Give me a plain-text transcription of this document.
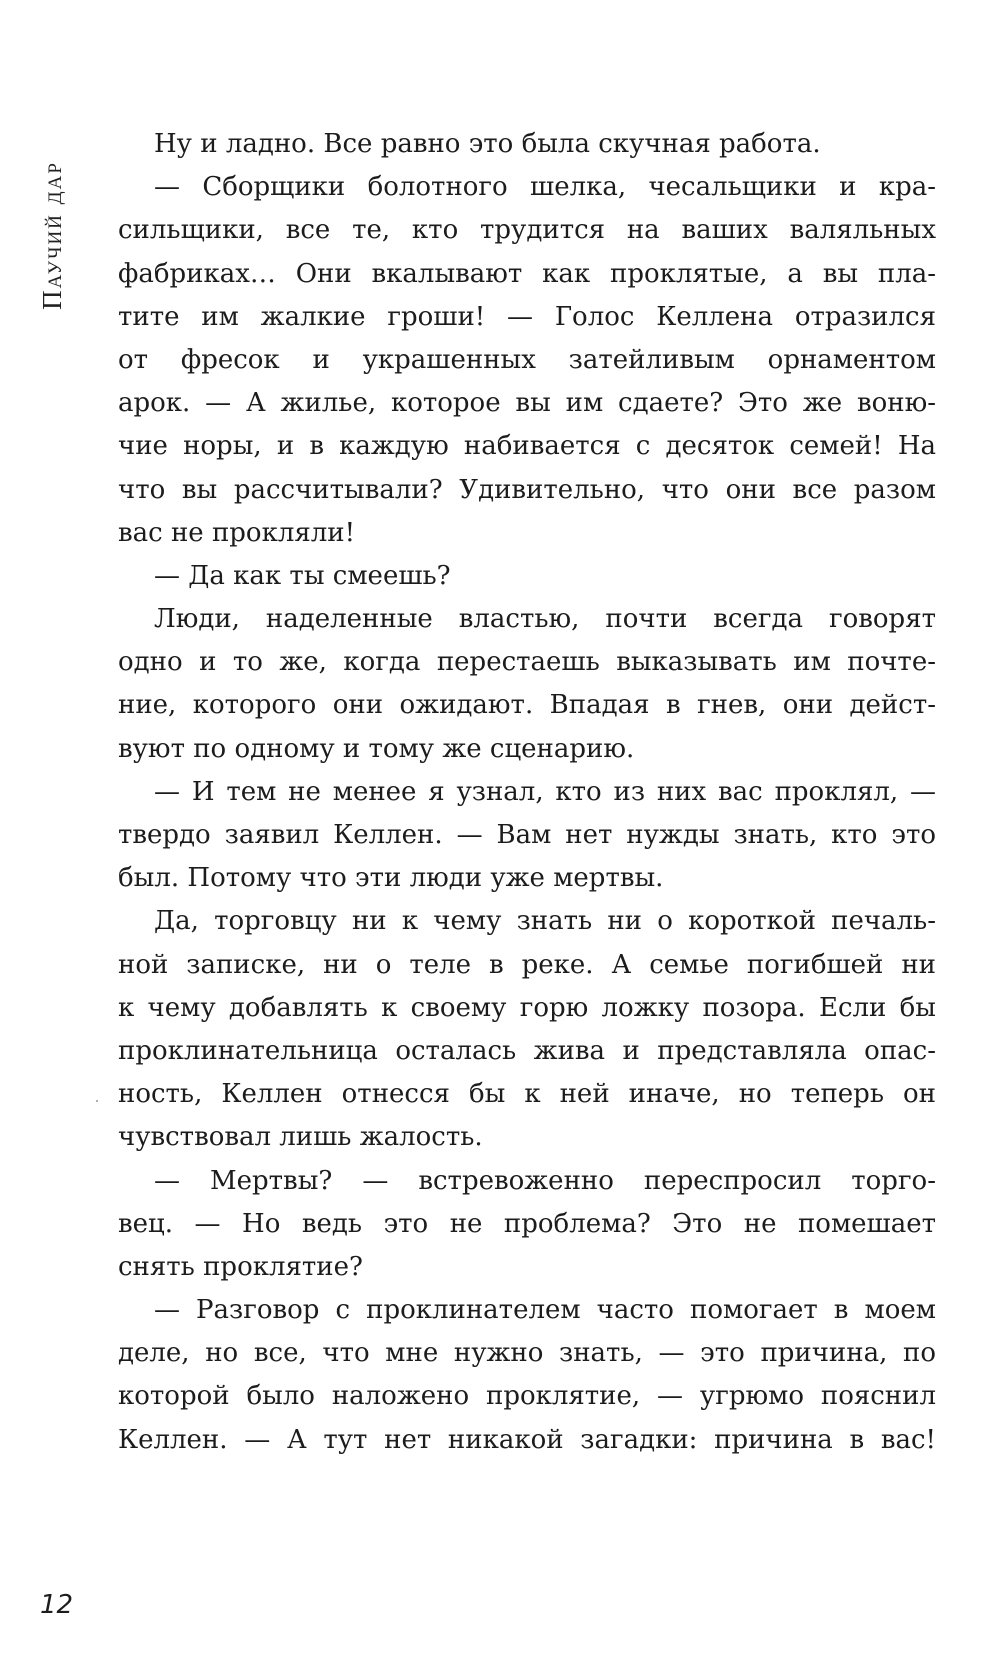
Паучий дар
Ну и ладно. Все равно это была скучная работа.
— Сборщики болотного шелка, чесальщики и кра-
сильщики, все те, кто трудится на ваших валяльных
фабриках… Они вкалывают как проклятые, а вы пла-
тите им жалкие гроши! — Голос Келлена отразился
от фресок и украшенных затейливым орнаментом
арок. — А жилье, которое вы им сдаете? Это же воню-
чие норы, и в каждую набивается с десяток семей! На
что вы рассчитывали? Удивительно, что они все разом
вас не прокляли!
— Да как ты смеешь?
Люди, наделенные властью, почти всегда говорят
одно и то же, когда перестаешь выказывать им почте-
ние, которого они ожидают. Впадая в гнев, они дейст-
вуют по одному и тому же сценарию.
— И тем не менее я узнал, кто из них вас проклял, —
твердо заявил Келлен. — Вам нет нужды знать, кто это
был. Потому что эти люди уже мертвы.
Да, торговцу ни к чему знать ни о короткой печаль-
ной записке, ни о теле в реке. А семье погибшей ни
к чему добавлять к своему горю ложку позора. Если бы
проклинательница осталась жива и представляла опас-
ность, Келлен отнесся бы к ней иначе, но теперь он
чувствовал лишь жалость.
— Мертвы? — встревоженно переспросил торго-
вец. — Но ведь это не проблема? Это не помешает
снять проклятие?
— Разговор с проклинателем часто помогает в моем
деле, но все, что мне нужно знать, — это причина, по
которой было наложено проклятие, — угрюмо пояснил
Келлен. — А тут нет никакой загадки: причина в вас!
12
